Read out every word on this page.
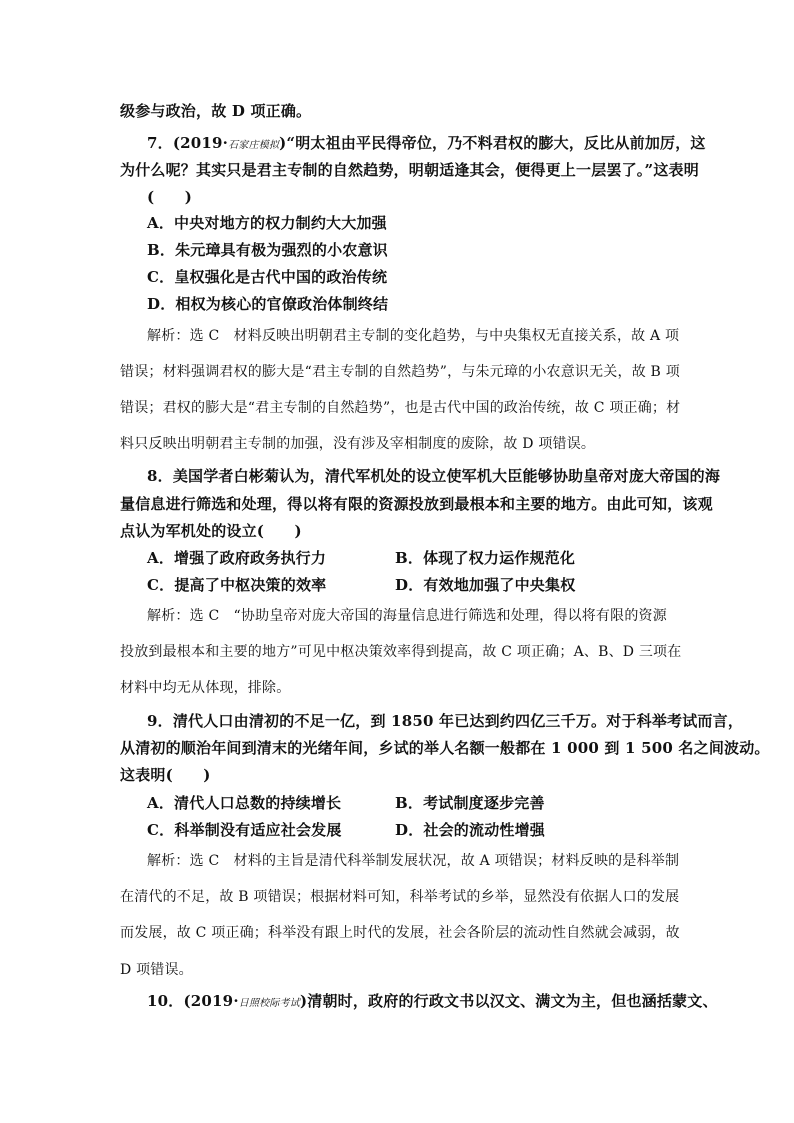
级参与政治，故 D 项正确。
7．(2019·石家庄模拟)“明太祖由平民得帝位，乃不料君权的膨大，反比从前加厉，这
为什么呢？其实只是君主专制的自然趋势，明朝适逢其会，便得更上一层罢了。”这表明
(　　)
A．中央对地方的权力制约大大加强
B．朱元璋具有极为强烈的小农意识
C．皇权强化是古代中国的政治传统
D．相权为核心的官僚政治体制终结
解析：选 C　材料反映出明朝君主专制的变化趋势，与中央集权无直接关系，故 A 项
错误；材料强调君权的膨大是“君主专制的自然趋势”，与朱元璋的小农意识无关，故 B 项
错误；君权的膨大是“君主专制的自然趋势”，也是古代中国的政治传统，故 C 项正确；材
料只反映出明朝君主专制的加强，没有涉及宰相制度的废除，故 D 项错误。
8．美国学者白彬菊认为，清代军机处的设立使军机大臣能够协助皇帝对庞大帝国的海
量信息进行筛选和处理，得以将有限的资源投放到最根本和主要的地方。由此可知，该观
点认为军机处的设立(　　)
A．增强了政府政务执行力	B．体现了权力运作规范化
C．提高了中枢决策的效率	D．有效地加强了中央集权
解析：选 C　“协助皇帝对庞大帝国的海量信息进行筛选和处理，得以将有限的资源
投放到最根本和主要的地方”可见中枢决策效率得到提高，故 C 项正确；A、B、D 三项在
材料中均无从体现，排除。
9．清代人口由清初的不足一亿，到 1850 年已达到约四亿三千万。对于科举考试而言，
从清初的顺治年间到清末的光绪年间，乡试的举人名额一般都在 1 000 到 1 500 名之间波动。
这表明(　　)
A．清代人口总数的持续增长	B．考试制度逐步完善
C．科举制没有适应社会发展	D．社会的流动性增强
解析：选 C　材料的主旨是清代科举制发展状况，故 A 项错误；材料反映的是科举制
在清代的不足，故 B 项错误；根据材料可知，科举考试的乡举，显然没有依据人口的发展
而发展，故 C 项正确；科举没有跟上时代的发展，社会各阶层的流动性自然就会减弱，故
D 项错误。
10．(2019·日照校际考试)清朝时，政府的行政文书以汉文、满文为主，但也涵括蒙文、
